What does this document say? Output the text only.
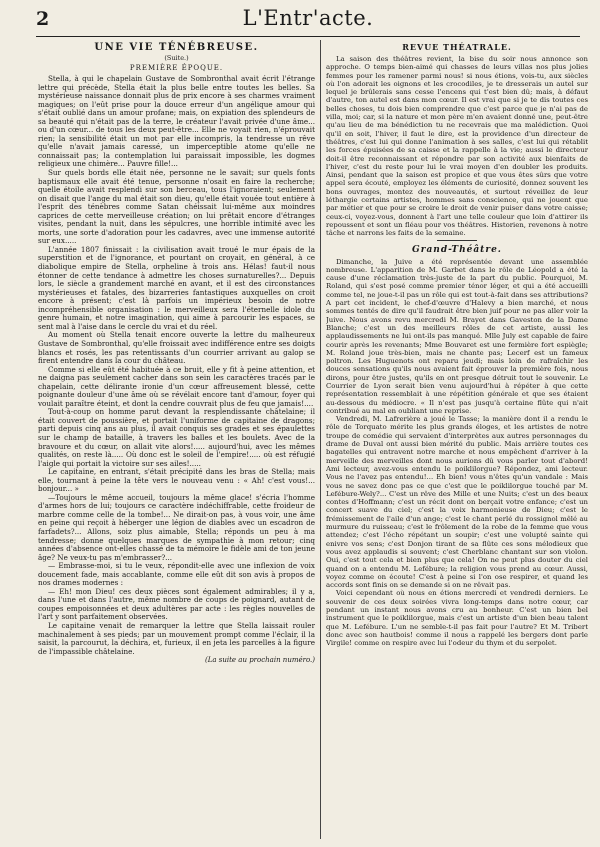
2	L'Entr'acte.
UNE VIE TÉNÉBREUSE.
(Suite.)
PREMIÈRE ÉPOQUE.

Stella, à qui le chapelain Gustave de Sombronthal avait écrit l'étrange lettre qui précède, Stella était la plus belle entre toutes les belles. Sa mystérieuse naissance donnait plus de prix encore à ses charmes vraiment magiques; on l'eût prise pour la douce erreur d'un angélique amour qui s'était oublié dans un amour profane; mais, on expiation des splendeurs de sa beauté qui n'était pas de la terre, le créateur l'avait privée d'une âme... ou d'un cœur... de tous les deux peut-être... Elle ne voyait rien, n'éprouvait rien; la sensibilité était un mot par elle incompris, la tendresse un rêve qu'elle n'avait jamais caressé, un imperceptible atome qu'elle ne connaissait pas; la contemplation lui paraissait impossible, les dogmes religieux une chimère... Pauvre fille!...

Sur quels bords elle était née, personne ne le savait; sur quels fonts baptismaux elle avait été tenue, personne n'osait en faire la recherche; quelle étoile avait resplendi sur son berceau, tous l'ignoraient; seulement on disait que l'ange du mal était son dieu, qu'elle était vouée tout entière à l'esprit des ténèbres comme Satan chéissait lui-même aux moindres caprices de cette merveilleuse création; on lui prêtait encore d'étranges visites, pendant la nuit, dans les sépulcres, une horrible intimité avec les morts, une sorte d'adoration pour les cadavres, avec une immense autorité sur eux.....

L'année 1807 finissait : la civilisation avait troué le mur épais de la superstition et de l'ignorance, et pourtant on croyait, en général, à ce diabolique empire de Stella, orpheline à trois ans. Hélas! faut-il nous étonner de cette tendance à admettre les choses surnaturelles?... Depuis lors, le siècle a grandement marché en avant, et il est des circonstances mystérieuses et fatales, des bizarreries fantastiques auxquelles on croit encore à présent; c'est là parfois un impérieux besoin de notre incompréhensible organisation : le merveilleux sera l'éternelle idole du genre humain, et notre imagination, qui aime à parcourir les espaces, se sent mal à l'aise dans le cercle du vrai et du réel.

Au moment où Stella tenait encore ouverte la lettre du malheureux Gustave de Sombronthal, qu'elle froissait avec indifférence entre ses doigts blancs et rosés, les pas retentissants d'un courrier arrivant au galop se firent entendre dans la cour du château.

Comme si elle eût été habituée à ce bruit, elle y fit à peine attention, et ne daigna pas seulement cacher dans son sein les caractères tracés par le chapelain, cette délirante ironie d'un cœur affreusement blessé, cette poignante douleur d'une âme où se révélait encore tant d'amour, foyer qui voulait paraître éteint, et dont la cendre couvrait plus de feu que jamais!....

Tout-à-coup on homme parut devant la resplendissante châtelaine; il était couvert de poussière, et portait l'uniforme de capitaine de dragons; parti depuis cinq ans au plus, il avait conquis ses grades et ses épaulettes sur le champ de bataille, à travers les balles et les boulets. Avec de la bravoure et du cœur, on allait vite alors!..... aujourd'hui, avec les mêmes qualités, on reste là..... Où donc est le soleil de l'empire!..... où est réfugié l'aigle qui portait la victoire sur ses ailes!.....

Le capitaine, en entrant, s'était précipité dans les bras de Stella; mais elle, tournant à peine la tête vers le nouveau venu : « Ah! c'est vous!... bonjour... »

—Toujours le même accueil, toujours la même glace! s'écria l'homme d'armes hors de lui; toujours ce caractère indéchiffrable, cette froideur de marbre comme celle de la tombe!... Ne dirait-on pas, à vous voir, une âme en peine qui reçoit à héberger une légion de diables avec un escadron de farfadets?... Allons, soiz plus aimable, Stella; réponds un peu à ma tendresse; donne quelques marques de sympathie à mon retour; cinq années d'absence ont-elles chassé de ta mémoire le fidèle ami de ton jeune âge? Ne veux-tu pas m'embrasser?...

— Embrasse-moi, si tu le veux, répondit-elle avec une inflexion de voix doucement fade, mais accablante, comme elle eût dit son avis à propos de nos drames modernes :

— Eh! mon Dieu! ces deux pièces sont également admirables; il y a, dans l'une et dans l'autre, même nombre de coups de poignard, autant de coupes empoisonnées et deux adultères par acte : les règles nouvelles de l'art y sont parfaitement observées.

Le capitaine venait de remarquer la lettre que Stella laissait rouler machinalement à ses pieds; par un mouvement prompt comme l'éclair, il la saisit, la parcourut, la déchira, et, furieux, il en jeta les parcelles à la figure de l'impassible châtelaine.

(La suite au prochain numéro.)
REVUE THÉATRALE.

La saison des théâtres revient, la bise du soir nous annonce son approche. O temps bien-aimé qui chasses de leurs villas nos plus jolies femmes pour les ramener parmi nous! si nous étions, vois-tu, aux siècles où l'on adorait les oignons et les crocodiles, je te dresserais un autel sur lequel je brûlerais sans cesse l'encens qui t'est bien dû; mais, à défaut d'autre, ton autel est dans mon cœur. Il est vrai que si je te dis toutes ces belles choses, tu dois bien comprendre que c'est parce que je n'ai pas de villa, moi; car, si la nature et mon père m'en avaient donné une, peut-être qu'au lieu de ma bénédiction tu ne recevrais que ma malédiction. Quoi qu'il en soit, l'hiver, il faut le dire, est la providence d'un directeur de théâtres, c'est lui qui donne l'animation à ses salles, c'est lui qui rétablit les forces épuisées de sa caisse et la rappelle à la vie; aussi le directeur doit-il être reconnaissant et répondre par son activité aux bienfaits de l'hiver, c'est du reste pour lui le vrai moyen d'en doubler les produits. Ainsi, pendant que la saison est propice et que vous êtes sûrs que votre appel sera écouté, employez les éléments de curiosité, donnez souvent les bons ouvrages, montez des nouveautés, et surtout réveillez de leur léthargie certains artistes, hommes sans conscience, qui ne jouent que par métier et que pour se croire le droit de venir puiser dans votre caisse; ceux-ci, voyez-vous, donnent à l'art une telle couleur que loin d'attirer ils repoussent et sont un fléau pour vos théâtres. Historien, revenons à notre tâche et narrons les faits de la semaine.

Grand-Théâtre.

Dimanche, la Juive a été représentée devant une assemblée nombreuse. L'apparition de M. Garbet dans le rôle de Léopold a été la cause d'une réclamation très-juste de la part du public. Pourquoi, M. Roland, qui s'est posé comme premier ténor léger, et qui a été accueilli comme tel, ne joue-t-il pas un rôle qui est tout-à-fait dans ses attributions? A part cet incident, le chef-d'œuvre d'Halevy a bien marché, et nous sommes tentés de dire qu'il faudrait être bien juif pour ne pas aller voir la Juive. Nous avons revu mercredi M. Brayet dans Gaveston de la Dame Blanche; c'est un des meilleurs rôles de cet artiste, aussi les applaudissements ne lui ont-ils pas manqué. Mlle July est capable de faire courir après les revenants; Mme Bouvaret est une fermière fort espiègle; M. Roland joue très-bien, mais ne chante pas; Lecerf est un fameux poltron. Les Huguenots ont reparu jeudi; mais loin de rafraîchir les douces sensations qu'ils nous avaient fait éprouver la première fois, nous dirons, pour être justes, qu'ils en ont presque détruit tout le souvenir. Le Courrier de Lyon serait bien venu aujourd'hui à répéter à que cette représentation ressemblait à une répétition générale et que ses étaient au-dessous du médiocre. « Il n'est pas jusqu'à certaine flûte qui n'ait contribué au mal en oubliant une reprise.

Vendredi, M. Lafrerière a joué le Tasse; la manière dont il a rendu le rôle de Torquato mérite les plus grands éloges, et les artistes de notre troupe de comédie qui servaient d'interprètes aux autres personnages du drame de Duval ont aussi bien mérité du public. Mais arrière toutes ces bagatelles qui entravent notre marche et nous empêchent d'arriver à la merveille des merveilles dont nous aurions dû vous parler tout d'abord! Ami lecteur, avez-vous entendu le poiklilorgue? Répondez, ami lecteur. Vous ne l'avez pas entendu!... Eh bien! vous n'êtes qu'un vandale : Mais vous ne savez donc pas ce que c'est que le poiklilorgue touché par M. Lefébure-Wely?... C'est un rêve des Mille et une Nuits; c'est un des beaux contes d'Hoffmann; c'est un récit dont on berçait votre enfance; c'est un concert suave du ciel; c'est la voix harmonieuse de Dieu; c'est le frémissement de l'aile d'un ange; c'est le chant perlé du rossignol mêlé au murmure du ruisseau; c'est le frôlement de la robe de la femme que vous attendez; c'est l'écho répétant un soupir; c'est une volupté sainte qui enivre vos sens; c'est Donjon tirant de sa flûte ces sons mélodieux que vous avez applaudis si souvent; c'est Cherblanc chantant sur son violon. Oui, c'est tout cela et bien plus que cela! On ne peut plus douter du ciel quand on a entendu M. Lefébure; la religion vous prend au cœur. Aussi, voyez comme on écoute! C'est à peine si l'on ose respirer, et quand les accords sont finis on se demande si on ne rêvait pas.

Voici cependant où nous en étions mercredi et vendredi derniers. Le souvenir de ces deux soirées vivra long-temps dans notre cœur, car pendant un instant nous avons cru au bonheur. C'est un bien bel instrument que le poiklilorgue, mais c'est un artiste d'un bien beau talent que M. Lefébure. L'un ne semble-t-il pas fait pour l'autre? Et M. Tribert donc avec son hautbois! comme il nous a rappelé les bergers dont parle Virgile! comme on respire avec lui l'odeur du thym et du serpolet.
